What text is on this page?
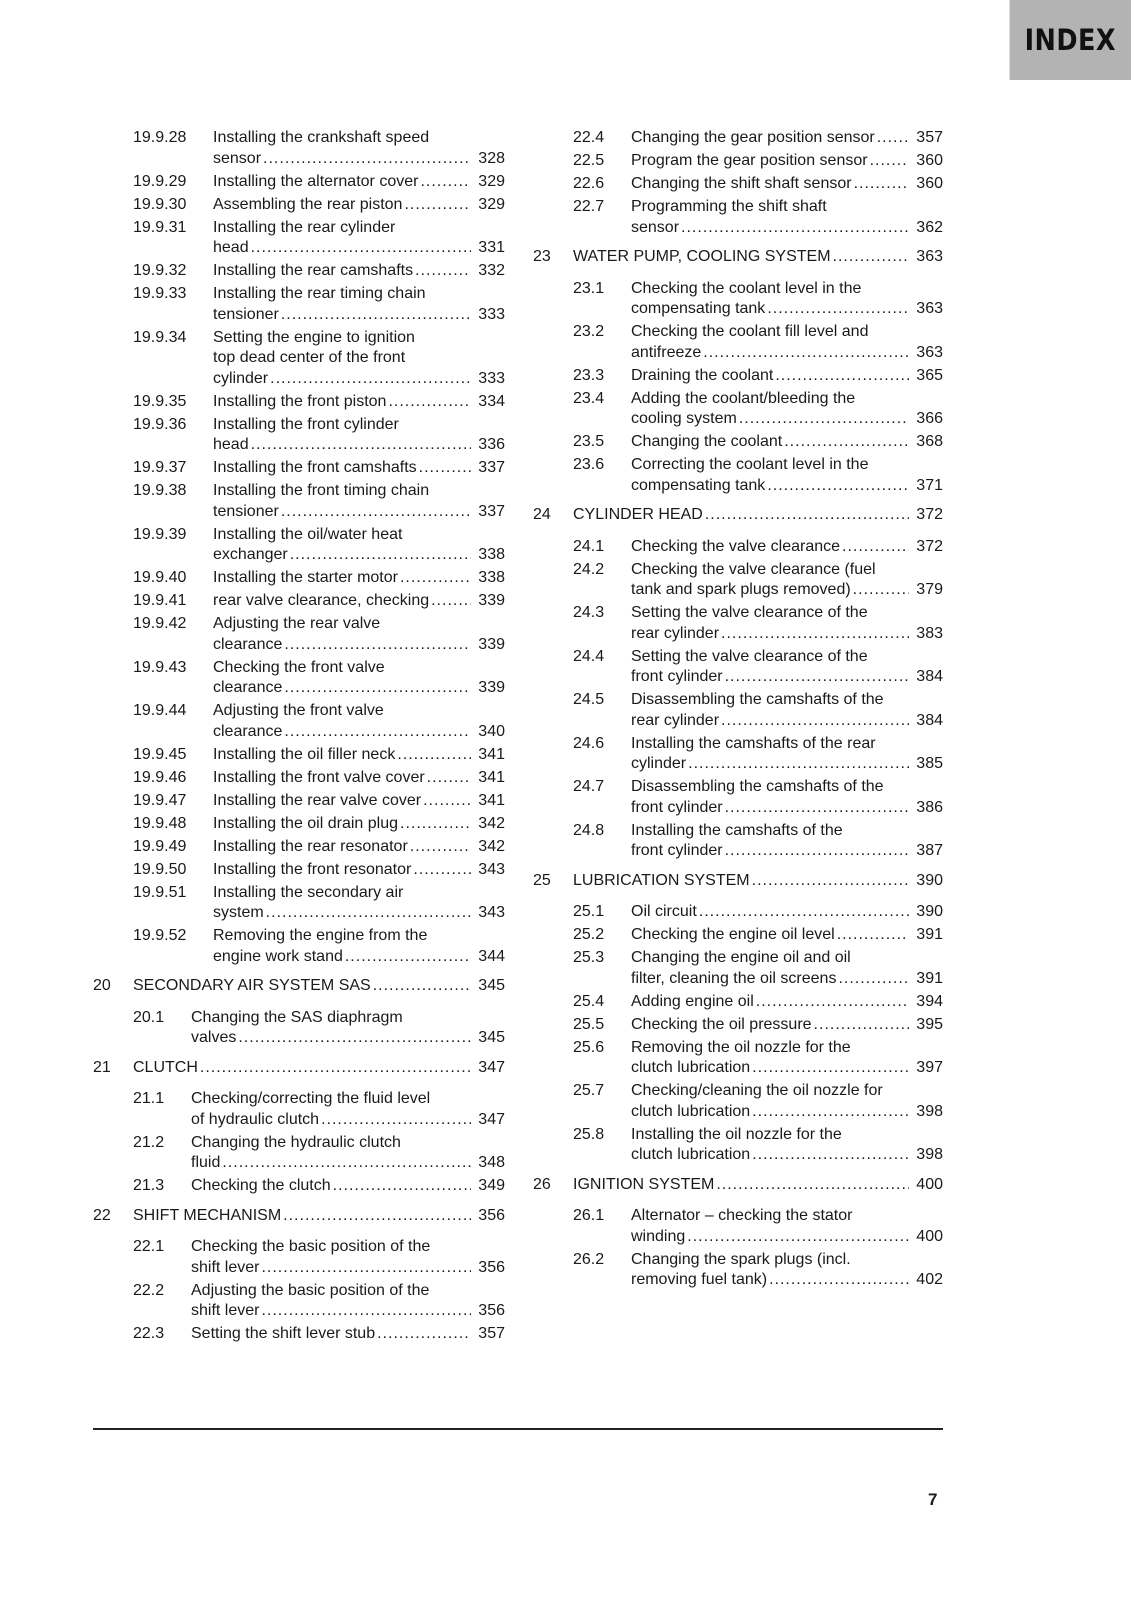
INDEX
19.9.28	Installing the crankshaft speed
sensor .....	328
19.9.29	Installing the alternator cover .....	329
19.9.30	Assembling the rear piston .....	329
19.9.31	Installing the rear cylinder
head .....	331
19.9.32	Installing the rear camshafts .....	332
19.9.33	Installing the rear timing chain
tensioner .....	333
19.9.34	Setting the engine to ignition
top dead center of the front
cylinder .....	333
19.9.35	Installing the front piston .....	334
19.9.36	Installing the front cylinder
head .....	336
19.9.37	Installing the front camshafts .....	337
19.9.38	Installing the front timing chain
tensioner .....	337
19.9.39	Installing the oil/water heat
exchanger .....	338
19.9.40	Installing the starter motor .....	338
19.9.41	rear valve clearance, checking .....	339
19.9.42	Adjusting the rear valve
clearance .....	339
19.9.43	Checking the front valve
clearance .....	339
19.9.44	Adjusting the front valve
clearance .....	340
19.9.45	Installing the oil filler neck .....	341
19.9.46	Installing the front valve cover .....	341
19.9.47	Installing the rear valve cover .....	341
19.9.48	Installing the oil drain plug .....	342
19.9.49	Installing the rear resonator .....	342
19.9.50	Installing the front resonator .....	343
19.9.51	Installing the secondary air
system .....	343
19.9.52	Removing the engine from the
engine work stand .....	344
20	SECONDARY AIR SYSTEM SAS .....	345
20.1	Changing the SAS diaphragm
valves .....	345
21	CLUTCH .....	347
21.1	Checking/correcting the fluid level
of hydraulic clutch .....	347
21.2	Changing the hydraulic clutch
fluid .....	348
21.3	Checking the clutch .....	349
22	SHIFT MECHANISM .....	356
22.1	Checking the basic position of the
shift lever .....	356
22.2	Adjusting the basic position of the
shift lever .....	356
22.3	Setting the shift lever stub .....	357
22.4	Changing the gear position sensor .....	357
22.5	Program the gear position sensor .....	360
22.6	Changing the shift shaft sensor .....	360
22.7	Programming the shift shaft
sensor .....	362
23	WATER PUMP, COOLING SYSTEM .....	363
23.1	Checking the coolant level in the
compensating tank .....	363
23.2	Checking the coolant fill level and
antifreeze .....	363
23.3	Draining the coolant .....	365
23.4	Adding the coolant/bleeding the
cooling system .....	366
23.5	Changing the coolant .....	368
23.6	Correcting the coolant level in the
compensating tank .....	371
24	CYLINDER HEAD .....	372
24.1	Checking the valve clearance .....	372
24.2	Checking the valve clearance (fuel
tank and spark plugs removed) .....	379
24.3	Setting the valve clearance of the
rear cylinder .....	383
24.4	Setting the valve clearance of the
front cylinder .....	384
24.5	Disassembling the camshafts of the
rear cylinder .....	384
24.6	Installing the camshafts of the rear
cylinder .....	385
24.7	Disassembling the camshafts of the
front cylinder .....	386
24.8	Installing the camshafts of the
front cylinder .....	387
25	LUBRICATION SYSTEM .....	390
25.1	Oil circuit .....	390
25.2	Checking the engine oil level .....	391
25.3	Changing the engine oil and oil
filter, cleaning the oil screens .....	391
25.4	Adding engine oil .....	394
25.5	Checking the oil pressure .....	395
25.6	Removing the oil nozzle for the
clutch lubrication .....	397
25.7	Checking/cleaning the oil nozzle for
clutch lubrication .....	398
25.8	Installing the oil nozzle for the
clutch lubrication .....	398
26	IGNITION SYSTEM .....	400
26.1	Alternator – checking the stator
winding .....	400
26.2	Changing the spark plugs (incl.
removing fuel tank) .....	402
7
